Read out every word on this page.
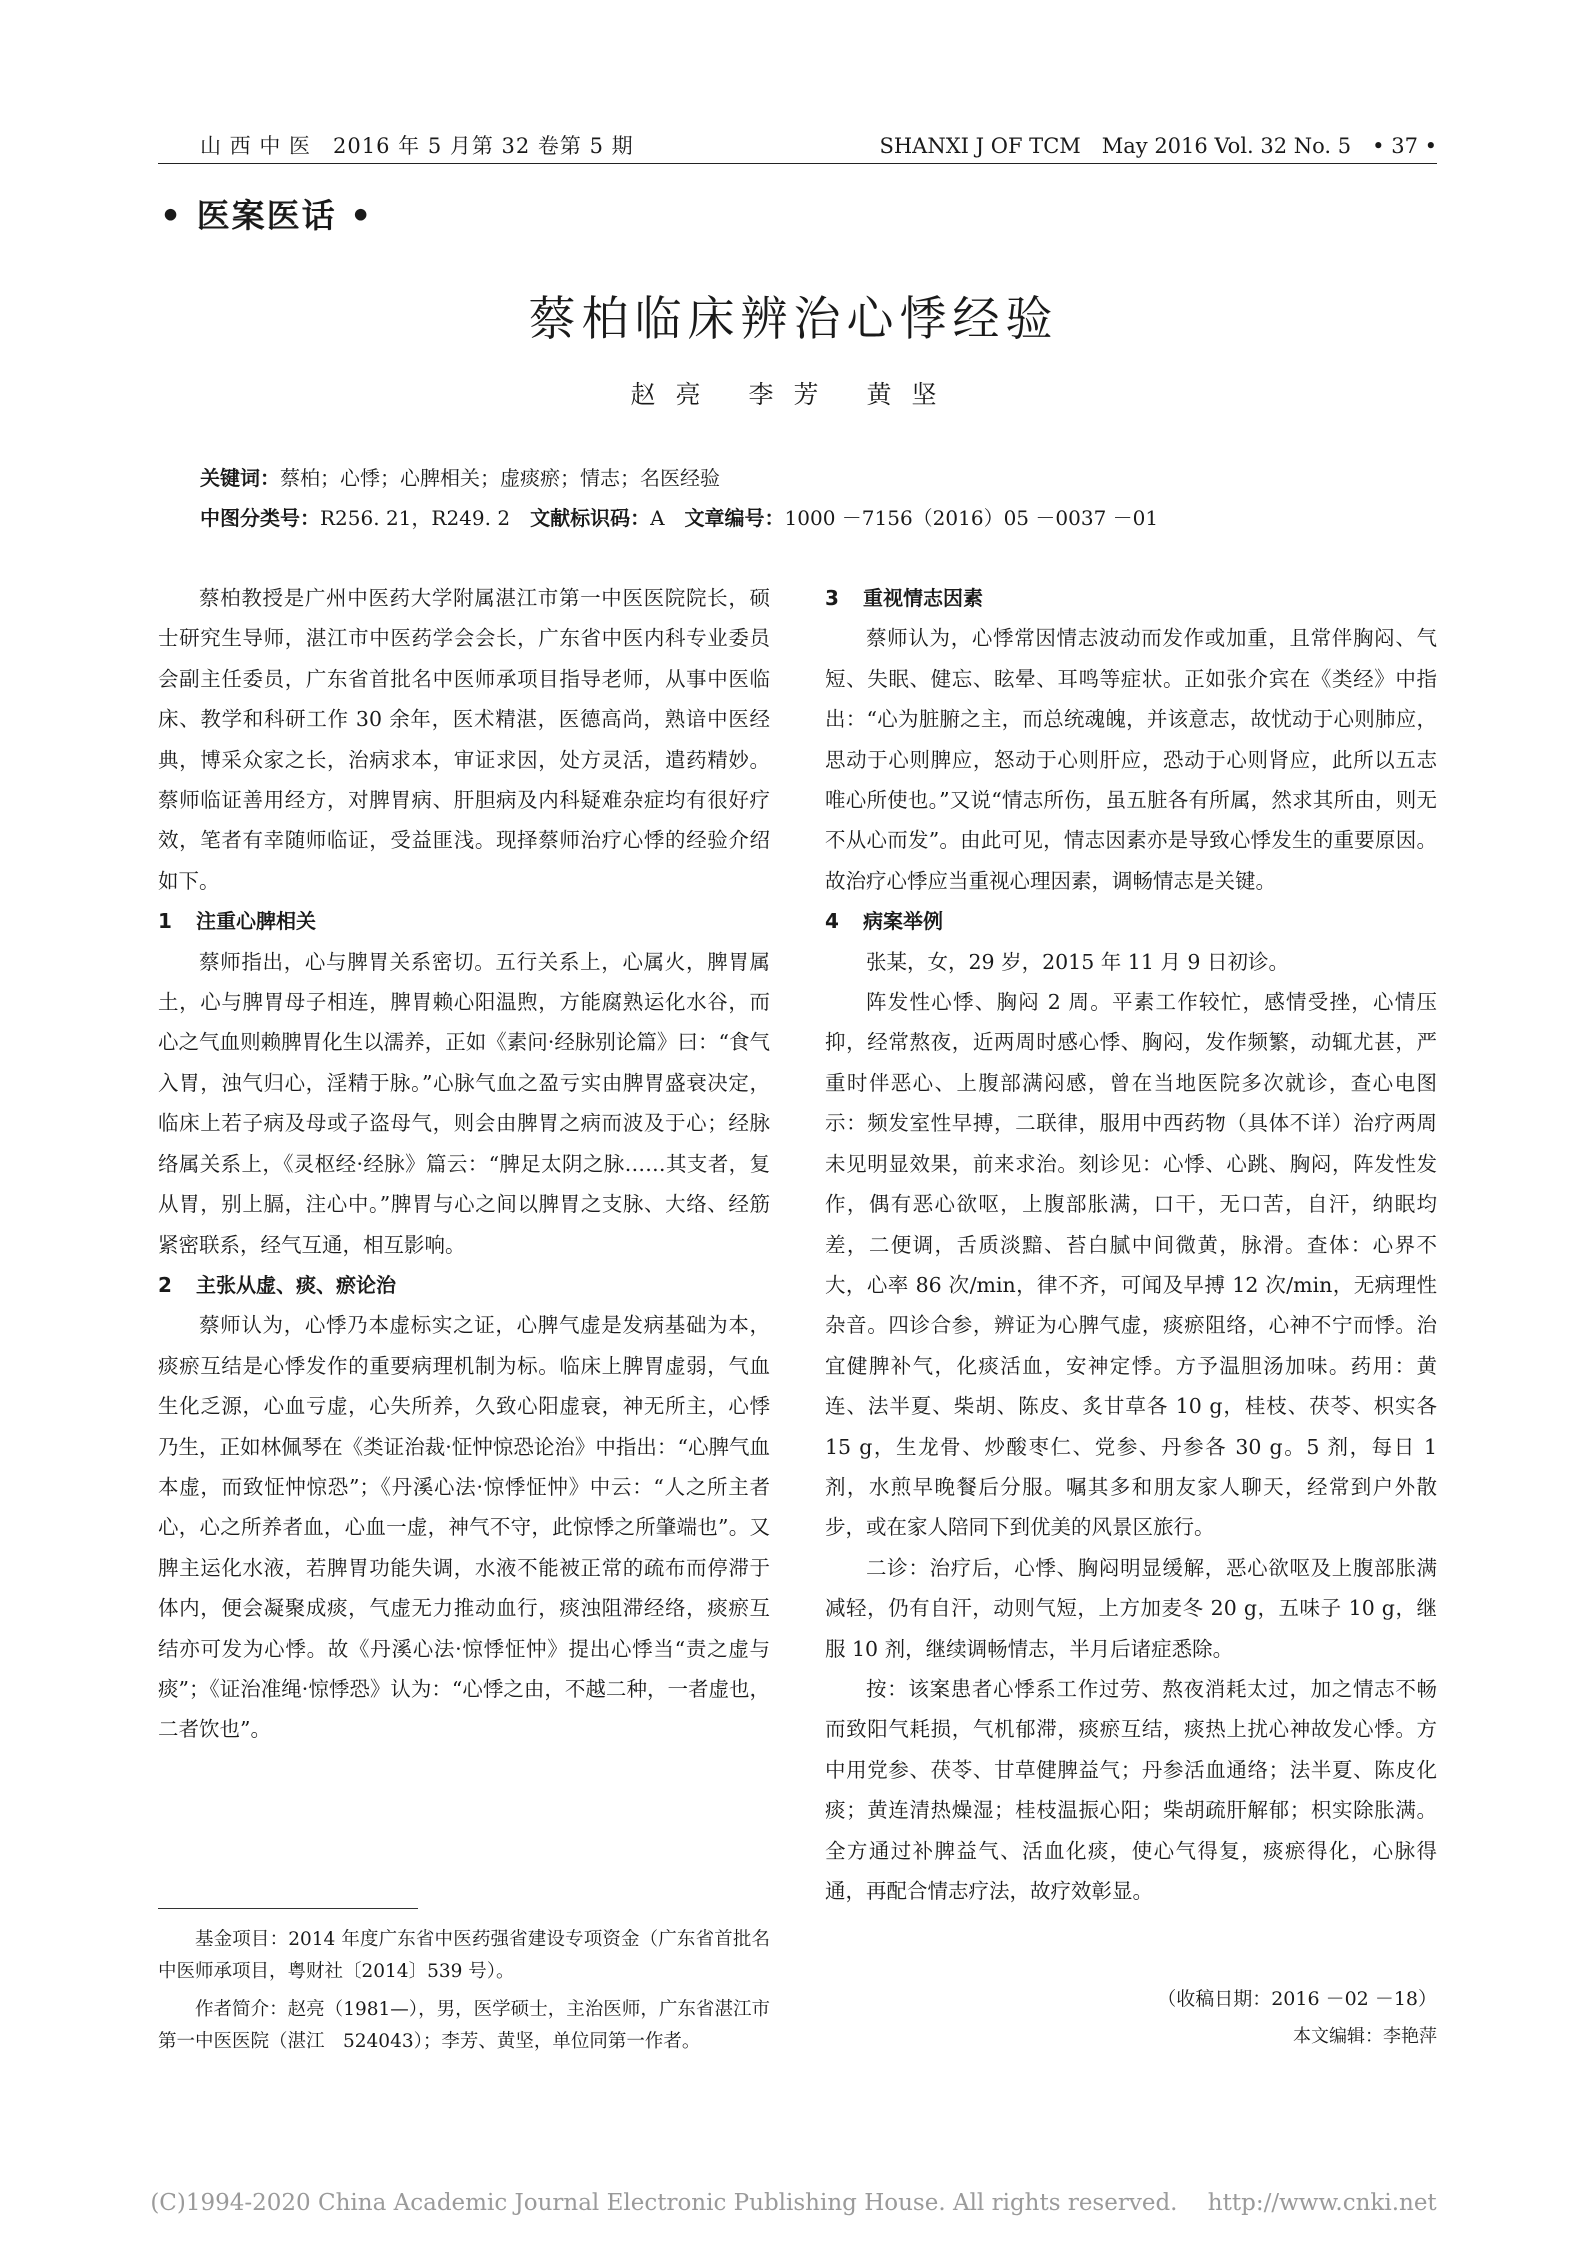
山 西 中 医　2016 年 5 月第 32 卷第 5 期	SHANXI J OF TCM　May 2016 Vol. 32 No. 5　• 37 •
• 医案医话 •
蔡柏临床辨治心悸经验
赵亮 李芳 黄坚
关键词：蔡柏；心悸；心脾相关；虚痰瘀；情志；名医经验
中图分类号：R256. 21，R249. 2　文献标识码：A　文章编号：1000 －7156（2016）05 －0037 －01

蔡柏教授是广州中医药大学附属湛江市第一中医医院院长，硕士研究生导师，湛江市中医药学会会长，广东省中医内科专业委员会副主任委员，广东省首批名中医师承项目指导老师，从事中医临床、教学和科研工作 30 余年，医术精湛，医德高尚，熟谙中医经典，博采众家之长，治病求本，审证求因，处方灵活，遣药精妙。蔡师临证善用经方，对脾胃病、肝胆病及内科疑难杂症均有很好疗效，笔者有幸随师临证，受益匪浅。现择蔡师治疗心悸的经验介绍如下。

1 注重心脾相关

蔡师指出，心与脾胃关系密切。五行关系上，心属火，脾胃属土，心与脾胃母子相连，脾胃赖心阳温煦，方能腐熟运化水谷，而心之气血则赖脾胃化生以濡养，正如《素问·经脉别论篇》曰：“食气入胃，浊气归心，淫精于脉。”心脉气血之盈亏实由脾胃盛衰决定，临床上若子病及母或子盗母气，则会由脾胃之病而波及于心；经脉络属关系上，《灵枢经·经脉》篇云：“脾足太阴之脉……其支者，复从胃，别上膈，注心中。”脾胃与心之间以脾胃之支脉、大络、经筋紧密联系，经气互通，相互影响。

2 主张从虚、痰、瘀论治

蔡师认为，心悸乃本虚标实之证，心脾气虚是发病基础为本，痰瘀互结是心悸发作的重要病理机制为标。临床上脾胃虚弱，气血生化乏源，心血亏虚，心失所养，久致心阳虚衰，神无所主，心悸乃生，正如林佩琴在《类证治裁·怔忡惊恐论治》中指出：“心脾气血本虚，而致怔忡惊恐”；《丹溪心法·惊悸怔忡》中云：“人之所主者心，心之所养者血，心血一虚，神气不守，此惊悸之所肇端也”。又脾主运化水液，若脾胃功能失调，水液不能被正常的疏布而停滞于体内，便会凝聚成痰，气虚无力推动血行，痰浊阻滞经络，痰瘀互结亦可发为心悸。故《丹溪心法·惊悸怔忡》提出心悸当“责之虚与痰”；《证治准绳·惊悸恐》认为：“心悸之由，不越二种，一者虚也，二者饮也”。

3 重视情志因素

蔡师认为，心悸常因情志波动而发作或加重，且常伴胸闷、气短、失眠、健忘、眩晕、耳鸣等症状。正如张介宾在《类经》中指出：“心为脏腑之主，而总统魂魄，并该意志，故忧动于心则肺应，思动于心则脾应，怒动于心则肝应，恐动于心则肾应，此所以五志唯心所使也。”又说“情志所伤，虽五脏各有所属，然求其所由，则无不从心而发”。由此可见，情志因素亦是导致心悸发生的重要原因。故治疗心悸应当重视心理因素，调畅情志是关键。

4 病案举例

张某，女，29 岁，2015 年 11 月 9 日初诊。

阵发性心悸、胸闷 2 周。平素工作较忙，感情受挫，心情压抑，经常熬夜，近两周时感心悸、胸闷，发作频繁，动辄尤甚，严重时伴恶心、上腹部满闷感，曾在当地医院多次就诊，查心电图示：频发室性早搏，二联律，服用中西药物（具体不详）治疗两周未见明显效果，前来求治。刻诊见：心悸、心跳、胸闷，阵发性发作，偶有恶心欲呕，上腹部胀满，口干，无口苦，自汗，纳眠均差，二便调，舌质淡黯、苔白腻中间微黄，脉滑。查体：心界不大，心率 86 次/min，律不齐，可闻及早搏 12 次/min，无病理性杂音。四诊合参，辨证为心脾气虚，痰瘀阻络，心神不宁而悸。治宜健脾补气，化痰活血，安神定悸。方予温胆汤加味。药用：黄连、法半夏、柴胡、陈皮、炙甘草各 10 g，桂枝、茯苓、枳实各 15 g，生龙骨、炒酸枣仁、党参、丹参各 30 g。5 剂，每日 1 剂，水煎早晚餐后分服。嘱其多和朋友家人聊天，经常到户外散步，或在家人陪同下到优美的风景区旅行。

二诊：治疗后，心悸、胸闷明显缓解，恶心欲呕及上腹部胀满减轻，仍有自汗，动则气短，上方加麦冬 20 g，五味子 10 g，继服 10 剂，继续调畅情志，半月后诸症悉除。

按：该案患者心悸系工作过劳、熬夜消耗太过，加之情志不畅而致阳气耗损，气机郁滞，痰瘀互结，痰热上扰心神故发心悸。方中用党参、茯苓、甘草健脾益气；丹参活血通络；法半夏、陈皮化痰；黄连清热燥湿；桂枝温振心阳；柴胡疏肝解郁；枳实除胀满。全方通过补脾益气、活血化痰，使心气得复，痰瘀得化，心脉得通，再配合情志疗法，故疗效彰显。

基金项目：2014 年度广东省中医药强省建设专项资金（广东省首批名中医师承项目，粤财社〔2014〕539 号）。

作者简介：赵亮（1981—），男，医学硕士，主治医师，广东省湛江市第一中医医院（湛江　524043）；李芳、黄坚，单位同第一作者。

（收稿日期：2016 －02 －18）
本文编辑：李艳萍
(C)1994-2020 China Academic Journal Electronic Publishing House. All rights reserved.　 http://www.cnki.net
